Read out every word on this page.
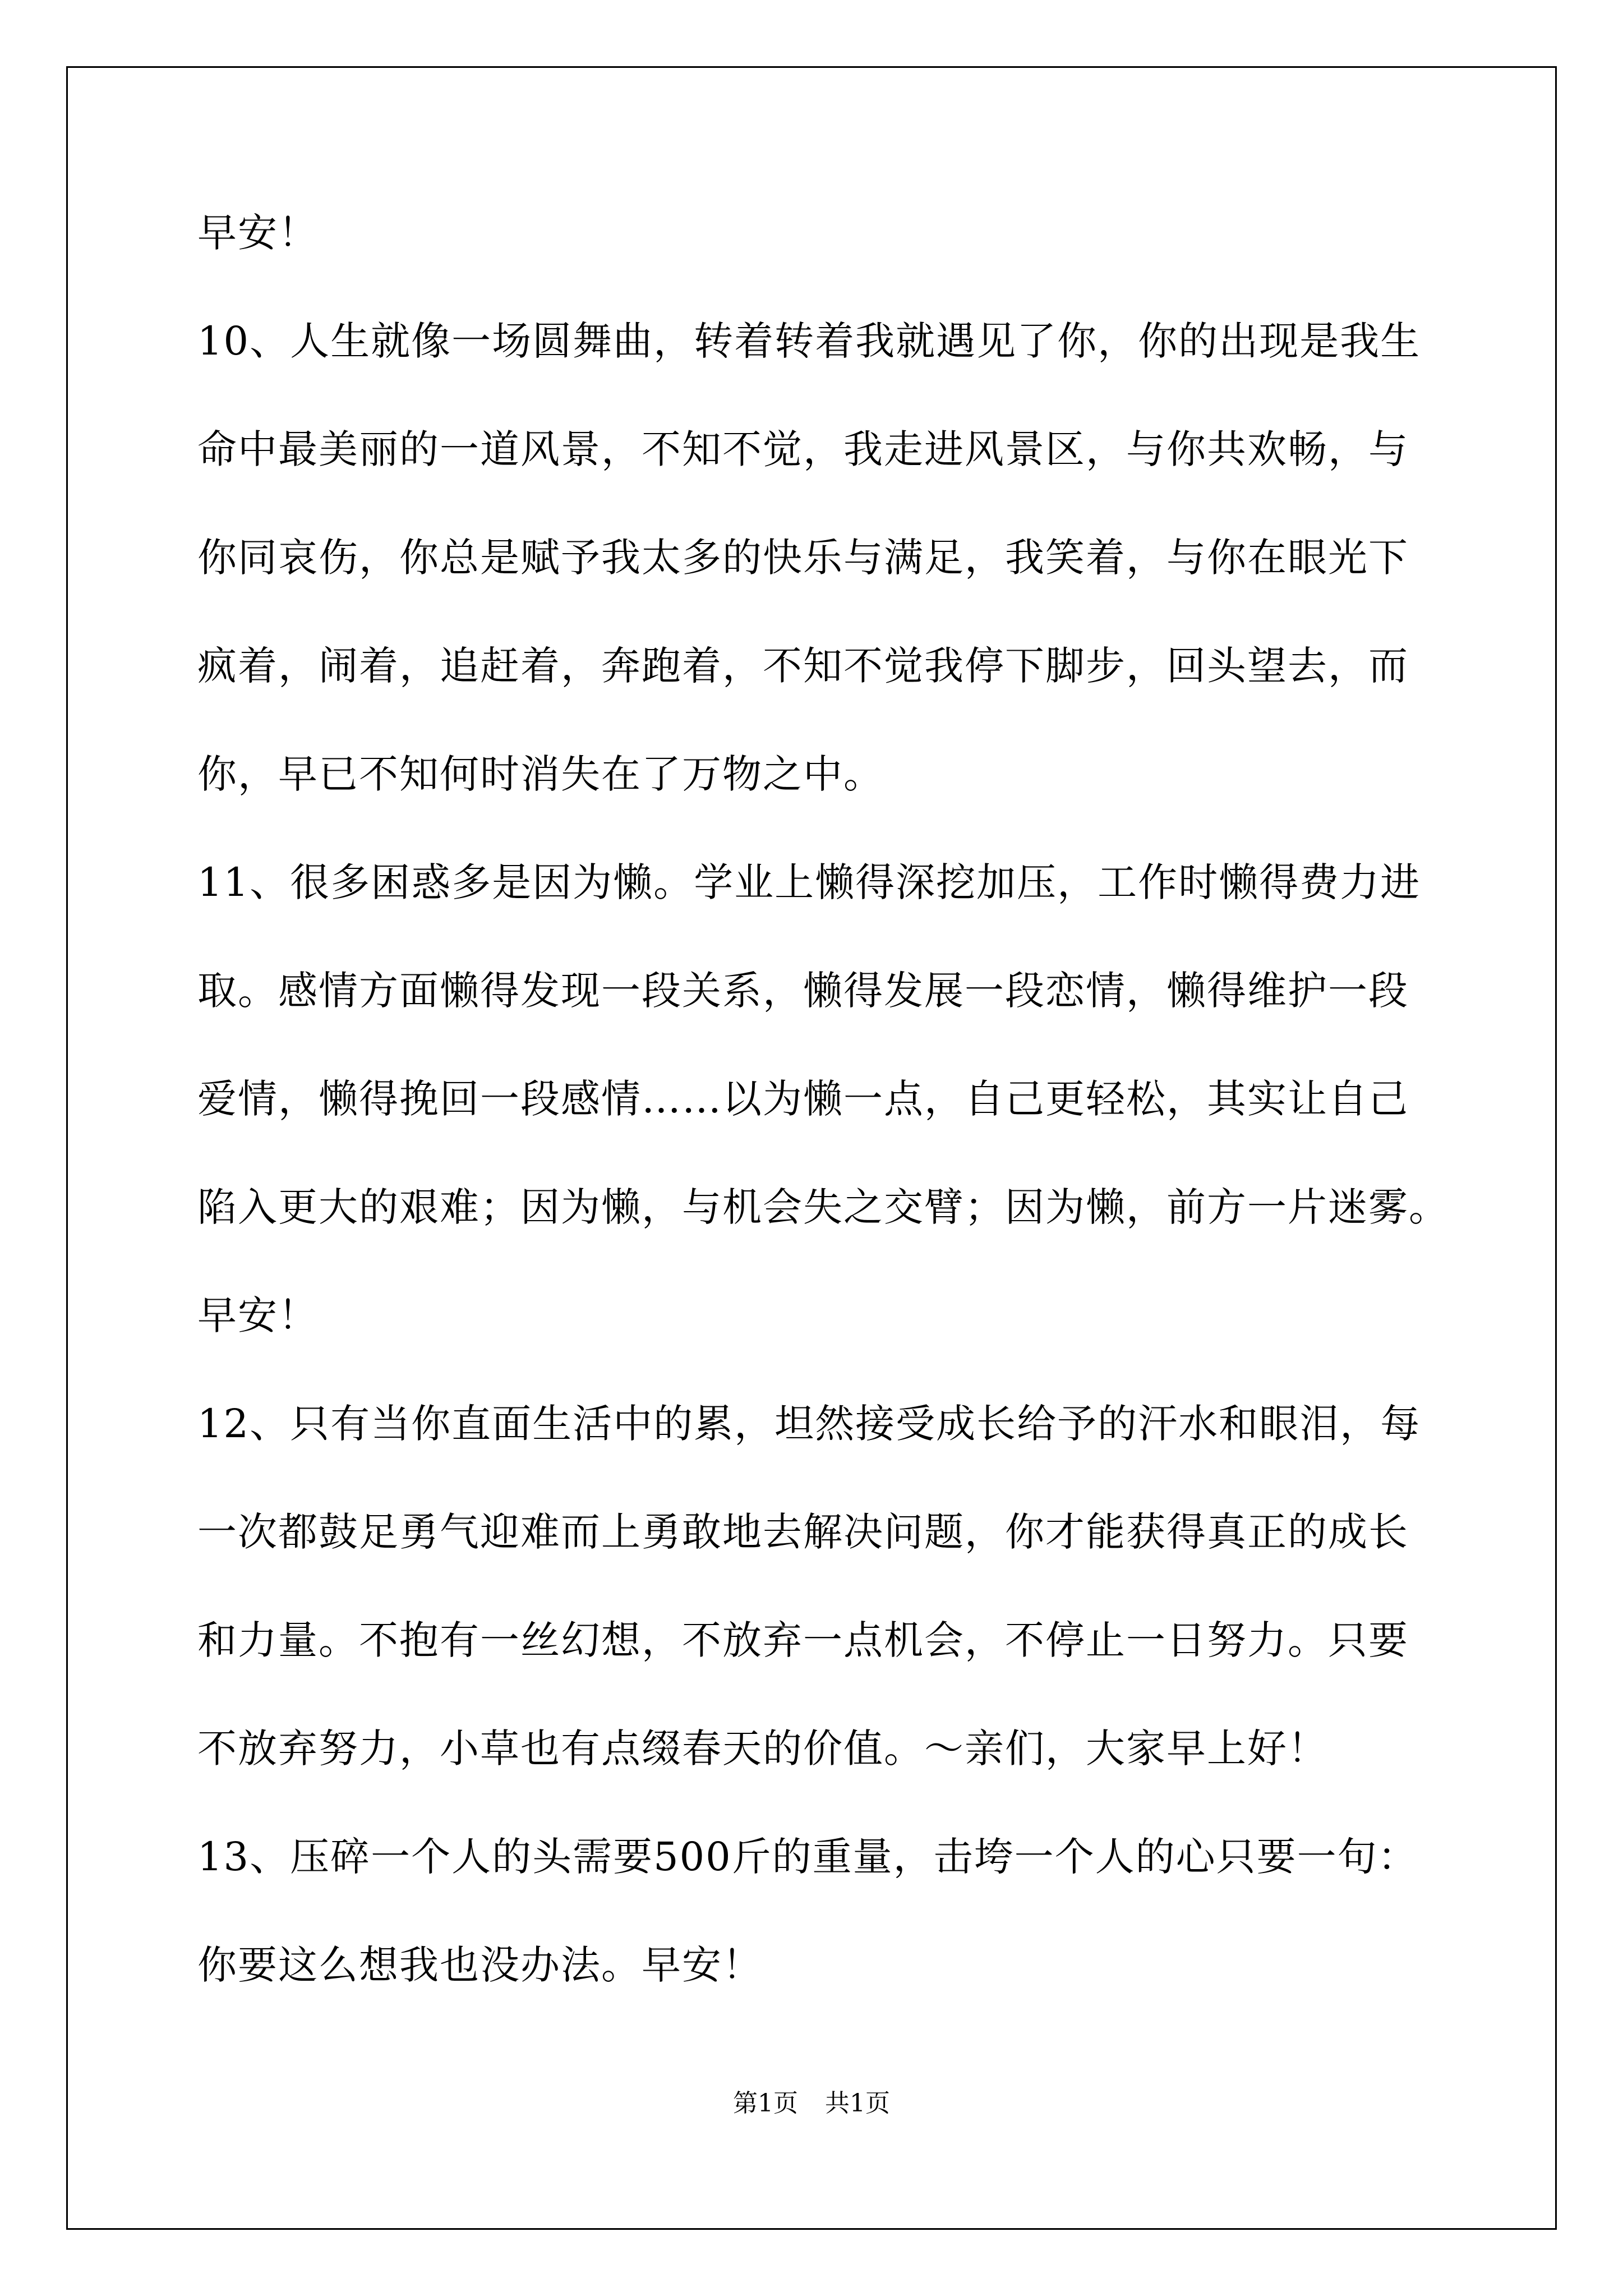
早安！
10、人生就像一场圆舞曲，转着转着我就遇见了你，你的出现是我生
命中最美丽的一道风景，不知不觉，我走进风景区，与你共欢畅，与
你同哀伤，你总是赋予我太多的快乐与满足，我笑着，与你在眼光下
疯着，闹着，追赶着，奔跑着，不知不觉我停下脚步，回头望去，而
你，早已不知何时消失在了万物之中。
11、很多困惑多是因为懒。学业上懒得深挖加压，工作时懒得费力进
取。感情方面懒得发现一段关系，懒得发展一段恋情，懒得维护一段
爱情，懒得挽回一段感情……以为懒一点，自己更轻松，其实让自己
陷入更大的艰难；因为懒，与机会失之交臂；因为懒，前方一片迷雾。
早安！
12、只有当你直面生活中的累，坦然接受成长给予的汗水和眼泪，每
一次都鼓足勇气迎难而上勇敢地去解决问题，你才能获得真正的成长
和力量。不抱有一丝幻想，不放弃一点机会，不停止一日努力。只要
不放弃努力，小草也有点缀春天的价值。～亲们，大家早上好！
13、压碎一个人的头需要500斤的重量，击垮一个人的心只要一句：
你要这么想我也没办法。早安！
第1页 共1页
